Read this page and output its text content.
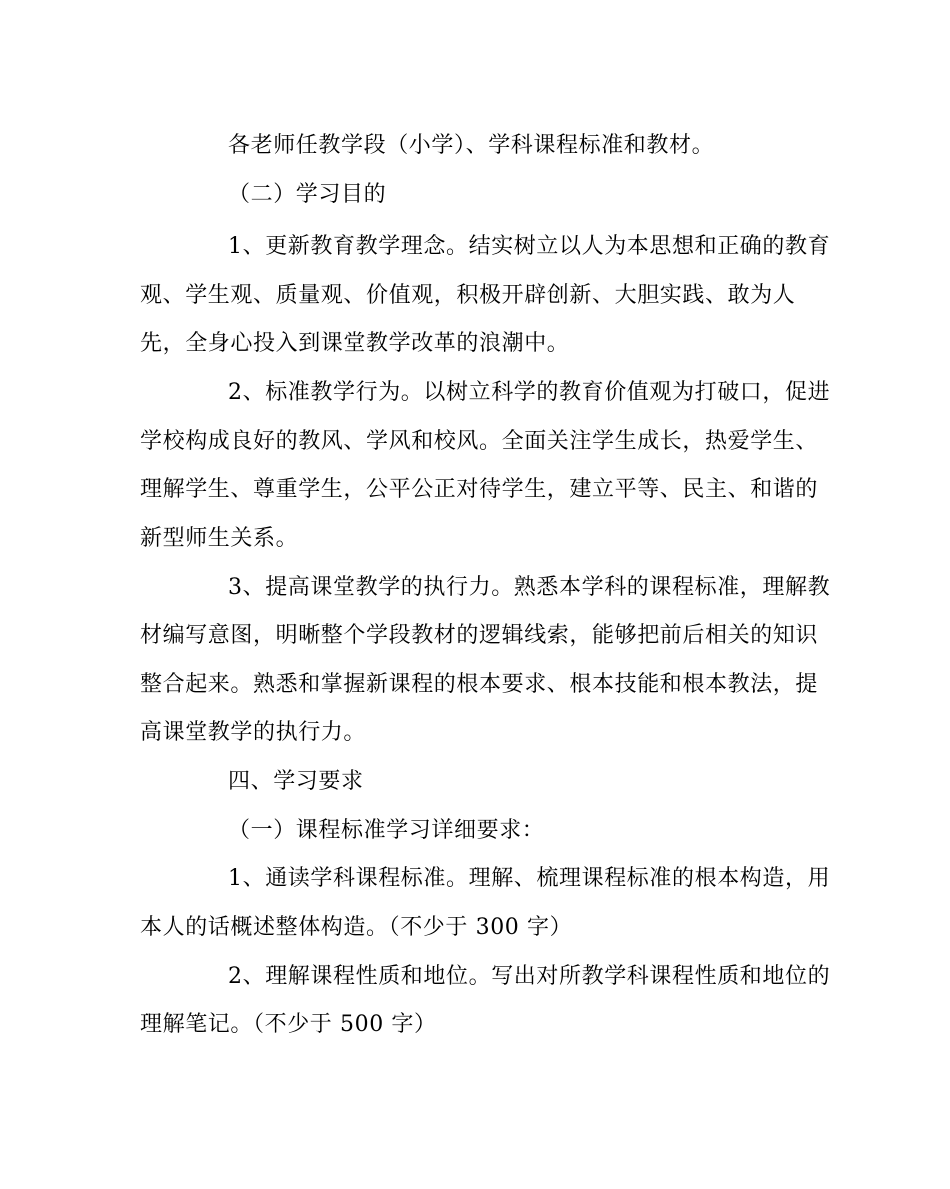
各老师任教学段（小学）、学科课程标准和教材。
（二）学习目的
1、更新教育教学理念。结实树立以人为本思想和正确的教育
观、学生观、质量观、价值观，积极开辟创新、大胆实践、敢为人
先，全身心投入到课堂教学改革的浪潮中。
2、标准教学行为。以树立科学的教育价值观为打破口，促进
学校构成良好的教风、学风和校风。全面关注学生成长，热爱学生、
理解学生、尊重学生，公平公正对待学生，建立平等、民主、和谐的
新型师生关系。
3、提高课堂教学的执行力。熟悉本学科的课程标准，理解教
材编写意图，明晰整个学段教材的逻辑线索，能够把前后相关的知识
整合起来。熟悉和掌握新课程的根本要求、根本技能和根本教法，提
高课堂教学的执行力。
四、学习要求
（一）课程标准学习详细要求：
1、通读学科课程标准。理解、梳理课程标准的根本构造，用
本人的话概述整体构造。（不少于 300 字）
2、理解课程性质和地位。写出对所教学科课程性质和地位的
理解笔记。（不少于 500 字）
